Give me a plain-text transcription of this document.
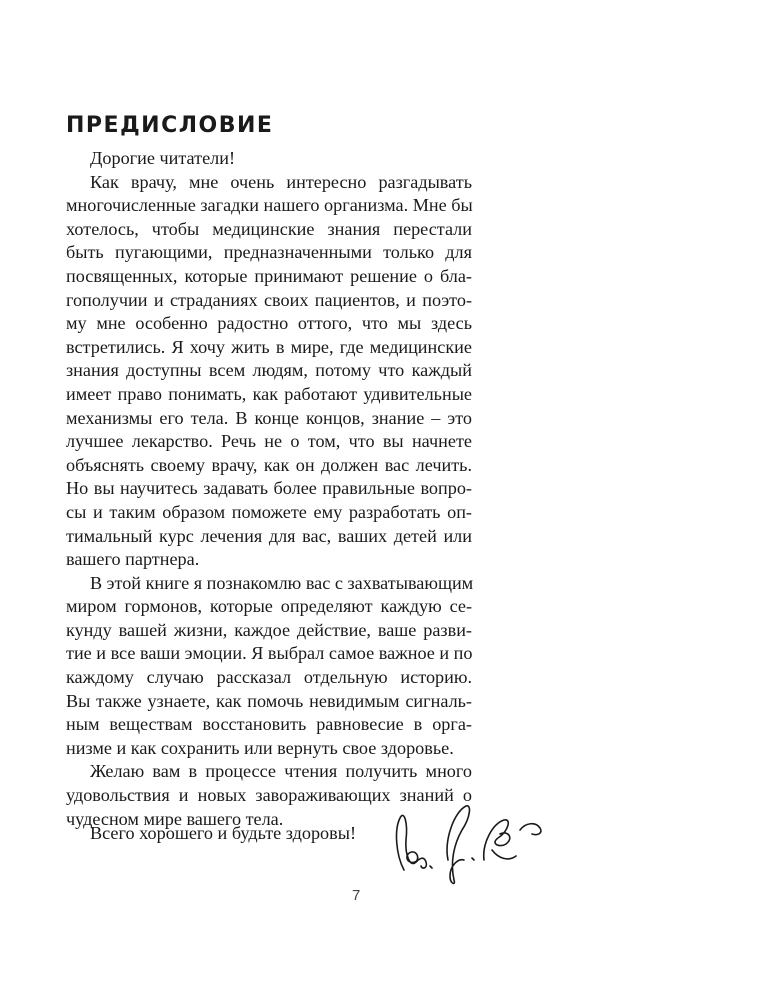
ПРЕДИСЛОВИЕ
Дорогие читатели!
Как врачу, мне очень интересно разгадывать
многочисленные загадки нашего организма. Мне бы
хотелось, чтобы медицинские знания перестали
быть пугающими, предназначенными только для
посвященных, которые принимают решение о бла-
гополучии и страданиях своих пациентов, и поэто-
му мне особенно радостно оттого, что мы здесь
встретились. Я хочу жить в мире, где медицинские
знания доступны всем людям, потому что каждый
имеет право понимать, как работают удивительные
механизмы его тела. В конце концов, знание – это
лучшее лекарство. Речь не о том, что вы начнете
объяснять своему врачу, как он должен вас лечить.
Но вы научитесь задавать более правильные вопро-
сы и таким образом поможете ему разработать оп-
тимальный курс лечения для вас, ваших детей или
вашего партнера.
В этой книге я познакомлю вас с захватывающим
миром гормонов, которые определяют каждую се-
кунду вашей жизни, каждое действие, ваше разви-
тие и все ваши эмоции. Я выбрал самое важное и по
каждому случаю рассказал отдельную историю.
Вы также узнаете, как помочь невидимым сигналь-
ным веществам восстановить равновесие в орга-
низме и как сохранить или вернуть свое здоровье.
Желаю вам в процессе чтения получить много
удовольствия и новых завораживающих знаний о
чудесном мире вашего тела.
Всего хорошего и будьте здоровы!
7
